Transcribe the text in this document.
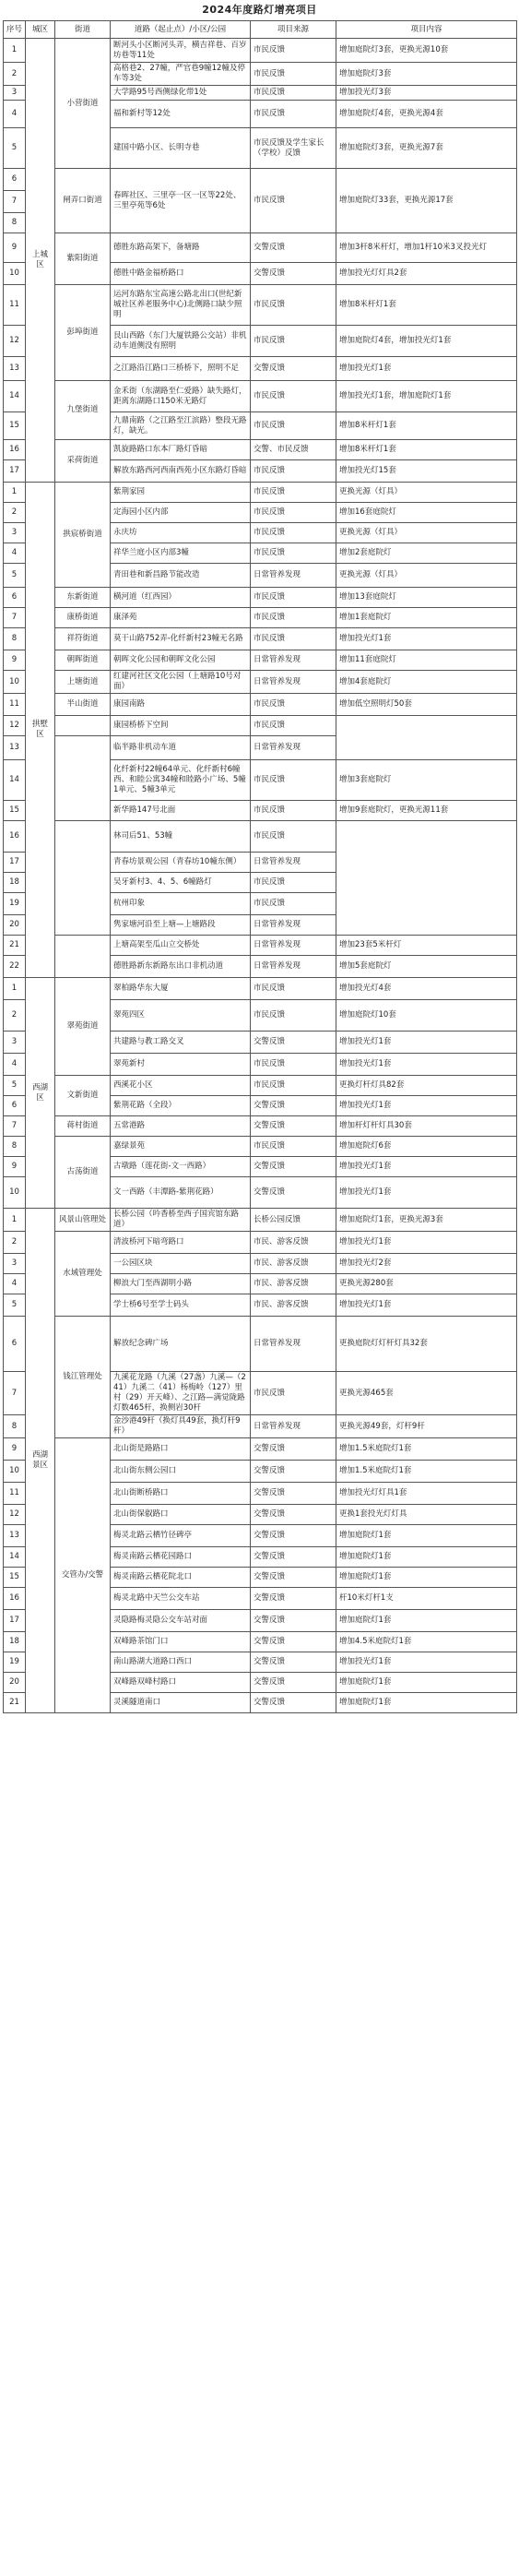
2024年度路灯增亮项目
序号	城区	街道	道路（起止点）/小区/公园	项目来源	项目内容
1	上城区	小营街道	断河头小区断河头弄，横吉祥巷、百岁坊巷等11处	市民反馈	增加庭院灯3套，更换光源10套
2			高格巷2、27幢，严官巷9幢12幢及停车等3处	市民反馈	增加庭院灯3套
3			大学路95号西侧绿化带1处	市民反馈	增加投光灯3套
4			福和新村等12处	市民反馈	增加庭院灯4套，更换光源4套
5			建国中路小区、长明寺巷	市民反馈及学生家长（学校）反馈	增加庭院灯3套，更换光源7套
6		闸弄口街道	春晖社区、三里亭一区一区等22处、三里亭苑等6处	市民反馈	增加庭院灯33套，更换光源17套
7					
8					
9		紫阳街道	德胜东路高架下，备塘路	交警反馈	增加3杆8米杆灯，增加1杆10米3叉投光灯
10			德胜中路金福桥路口	交警反馈	增加投光灯灯具2套
11		彭埠街道	运河东路东宝高速公路北出口(世纪新城社区养老服务中心)北侧路口缺少照明	市民反馈	增加8米杆灯1套
12			艮山西路（东门大厦铁路公交站）非机动车道侧没有照明	市民反馈	增加庭院灯4套，增加投光灯1套
13			之江路沿江路口三桥桥下，照明不足	交警反馈	增加投光灯1套
14		九堡街道	金禾街（东湖路至仁爱路）缺失路灯，距离东湖路口150米无路灯	市民反馈	增加投光灯1套，增加庭院灯1套
15			九鼎南路（之江路至江滨路）整段无路灯，缺光。	市民反馈	增加8米杆灯1套
16		采荷街道	凯旋路路口东本厂路灯昏暗	交警、市民反馈	增加8米杆灯1套
17			解放东路西河西南西苑小区东路灯昏暗	市民反馈	增加投光灯15套
1	拱墅区	拱宸桥街道	紫荆家园	市民反馈	更换光源（灯具）
2			定海园小区内部	市民反馈	增加16套庭院灯
3			永庆坊	市民反馈	更换光源（灯具）
4			祥华兰庭小区内部3幢	市民反馈	增加2套庭院灯
5			青田巷和新昌路节能改造	日常管养发现	更换光源（灯具）
6		东新街道	横河道（红西园）	市民反馈	增加13套庭院灯
7		康桥街道	康泽苑	市民反馈	增加1套庭院灯
8		祥符街道	莫干山路752弄-化纤新村23幢无名路	市民反馈	增加投光灯1套
9		朝晖街道	朝晖文化公园和朝晖文化公园	日常管养发现	增加11套庭院灯
10		上塘街道	红建河社区文化公园（上塘路10号对面）	日常管养发现	增加4套庭院灯
11		半山街道	康园南路	市民反馈	增加低空照明灯50套
12			康园桥桥下空间	市民反馈	
13			临半路非机动车道	日常管养发现	
14			化纤新村22幢64单元、化纤新村6幢西、和睦公寓34幢和睦路小广场、5幢1单元、5幢3单元	市民反馈	增加3套庭院灯
15			新华路147号北面	市民反馈	增加9套庭院灯，更换光源11套
16			林司后51、53幢	市民反馈	
17			青春坊景观公园（青春坊10幢东侧）	日常管养发现	
18			吴牙新村3、4、5、6幢路灯	市民反馈	
19			杭州印象	市民反馈	
20			隽家塘河沿至上塘—上塘路段	日常管养发现	
21			上塘高架至瓜山立交桥处	日常管养发现	增加23套5米杆灯
22			德胜路新东新路东出口非机动道	日常管养发现	增加5套庭院灯
1	西湖区	翠苑街道	翠柏路华东大厦	市民反馈	增加投光灯4套
2			翠苑四区	市民反馈	增加庭院灯10套
3			共建路与教工路交叉	交警反馈	增加投光灯1套
4			翠苑新村	市民反馈	增加投光灯1套
5		文新街道	西溪花小区	市民反馈	更换灯杆灯具82套
6			紫荆花路（全段）	交警反馈	增加投光灯1套
7		蒋村街道	五常港路	交警反馈	增加杆灯杆灯具30套
8		古荡街道	嘉绿景苑	市民反馈	增加庭院灯6套
9			古墩路（莲花街-文一西路）	交警反馈	增加投光灯1套
10			文一西路（丰潭路-紫荆花路）	交警反馈	增加投光灯1套
1	西湖景区	风景山管理处	长桥公园（吟香桥至西子国宾馆东路道）	长桥公园反馈	增加庭院灯1套，更换光源3套
2		水域管理处	清波桥河下暗弯路口	市民、游客反馈	增加投光灯1套
3			一公园区块	市民、游客反馈	增加投光灯2套
4			柳浪大门至西湖明小路	市民、游客反馈	更换光源280套
5			学士桥6号至学士码头	市民、游客反馈	增加投光灯1套
6		钱江管理处	解放纪念碑广场	日常管养发现	更换庭院灯灯杆灯具32套
7			九溪花龙路（九溪（27盏）九溪—（241）九溪二（41）杨梅岭（127）里村（29）开天峰）、之江路—满觉陇路灯数465杆，换侧岩30杆	市民反馈	更换光源465套
8			金沙港49杆（换灯具49套，换灯杆9杆）	日常管养发现	更换光源49套，灯杆9杆
9		交管办/交警	北山街是路路口	交警反馈	增加1.5米庭院灯1套
10			北山街东侧公园口	交警反馈	增加1.5米庭院灯1套
11			北山街断桥路口	交警反馈	增加投光灯灯具1套
12			北山街保俶路口	交警反馈	更换1套投光灯灯具
13			梅灵北路云栖竹径碑亭	交警反馈	增加庭院灯1套
14			梅灵南路云栖花园路口	交警反馈	增加庭院灯1套
15			梅灵南路云栖花院北口	交警反馈	增加庭院灯1套
16			梅灵北路中天竺公交车站	交警反馈	杆10米灯杆1支
17			灵隐路梅灵隐公交车站对面	交警反馈	增加庭院灯1套
18			双峰路茶馆门口	交警反馈	增加4.5米庭院灯1套
19			南山路湖大道路口西口	交警反馈	增加投光灯1套
20			双峰路双峰村路口	交警反馈	增加庭院灯1套
21			灵溪隧道南口	交警反馈	增加庭院灯1套
